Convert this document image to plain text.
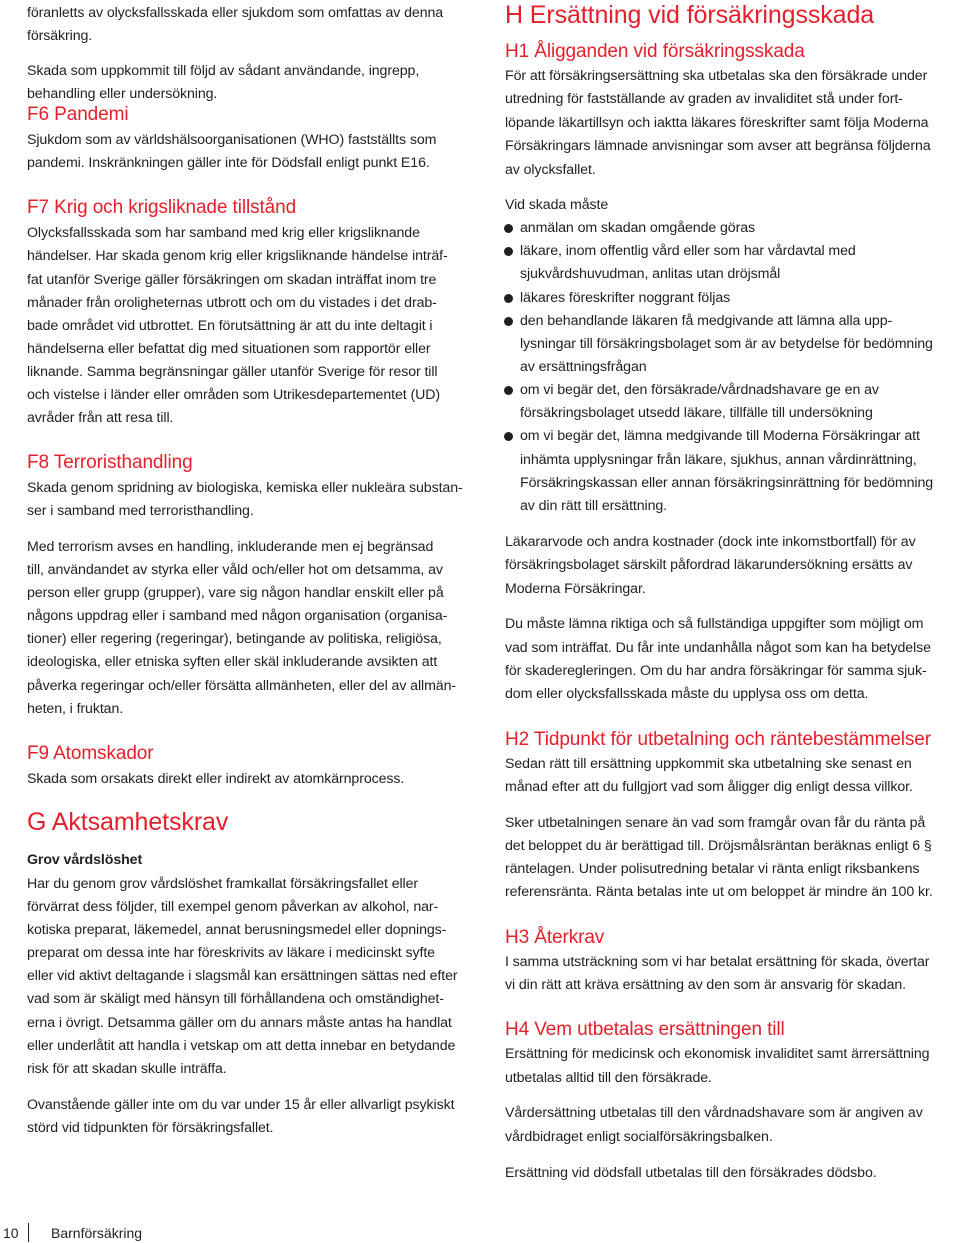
föranletts av olycksfallsskada eller sjukdom som omfattas av denna
försäkring.
Skada som uppkommit till följd av sådant användande, ingrepp,
behandling eller undersökning.
F6 Pandemi
Sjukdom som av världshälsoorganisationen (WHO) fastställts som
pandemi. Inskränkningen gäller inte för Dödsfall enligt punkt E16.
F7 Krig och krigsliknade tillstånd
Olycksfallsskada som har samband med krig eller krigsliknande
händelser. Har skada genom krig eller krigsliknande händelse inträf-
fat utanför Sverige gäller försäkringen om skadan inträffat inom tre
månader från oroligheternas utbrott och om du vistades i det drab-
bade området vid utbrottet. En förutsättning är att du inte deltagit i
händelserna eller befattat dig med situationen som rapportör eller
liknande. Samma begränsningar gäller utanför Sverige för resor till
och vistelse i länder eller områden som Utrikesdepartementet (UD)
avråder från att resa till.
F8 Terroristhandling
Skada genom spridning av biologiska, kemiska eller nukleära substan-
ser i samband med terroristhandling.
Med terrorism avses en handling, inkluderande men ej begränsad
till, användandet av styrka eller våld och/eller hot om detsamma, av
person eller grupp (grupper), vare sig någon handlar enskilt eller på
någons uppdrag eller i samband med någon organisation (organisa-
tioner) eller regering (regeringar), betingande av politiska, religiösa,
ideologiska, eller etniska syften eller skäl inkluderande avsikten att
påverka regeringar och/eller försätta allmänheten, eller del av allmän-
heten, i fruktan.
F9 Atomskador
Skada som orsakats direkt eller indirekt av atomkärnprocess.
G Aktsamhetskrav
Grov vårdslöshet
Har du genom grov vårdslöshet framkallat försäkringsfallet eller
förvärrat dess följder, till exempel genom påverkan av alkohol, nar-
kotiska preparat, läkemedel, annat berusningsmedel eller dopnings-
preparat om dessa inte har föreskrivits av läkare i medicinskt syfte
eller vid aktivt deltagande i slagsmål kan ersättningen sättas ned efter
vad som är skäligt med hänsyn till förhållandena och omständighet-
erna i övrigt. Detsamma gäller om du annars måste antas ha handlat
eller underlåtit att handla i vetskap om att detta innebar en betydande
risk för att skadan skulle inträffa.
Ovanstående gäller inte om du var under 15 år eller allvarligt psykiskt
störd vid tidpunkten för försäkringsfallet.
H Ersättning vid försäkringsskada
H1 Åligganden vid försäkringsskada
För att försäkringsersättning ska utbetalas ska den försäkrade under
utredning för fastställande av graden av invaliditet stå under fort-
löpande läkartillsyn och iaktta läkares föreskrifter samt följa Moderna
Försäkringars lämnade anvisningar som avser att begränsa följderna
av olycksfallet.
Vid skada måste
anmälan om skadan omgående göras
läkare, inom offentlig vård eller som har vårdavtal med
sjukvårdshuvudman, anlitas utan dröjsmål
läkares föreskrifter noggrant följas
den behandlande läkaren få medgivande att lämna alla upp-
lysningar till försäkringsbolaget som är av betydelse för bedömning
av ersättningsfrågan
om vi begär det, den försäkrade/vårdnadshavare ge en av
försäkringsbolaget utsedd läkare, tillfälle till undersökning
om vi begär det, lämna medgivande till Moderna Försäkringar att
inhämta upplysningar från läkare, sjukhus, annan vårdinrättning,
Försäkringskassan eller annan försäkringsinrättning för bedömning
av din rätt till ersättning.
Läkararvode och andra kostnader (dock inte inkomstbortfall) för av
försäkringsbolaget särskilt påfordrad läkarundersökning ersätts av
Moderna Försäkringar.
Du måste lämna riktiga och så fullständiga uppgifter som möjligt om
vad som inträffat. Du får inte undanhålla något som kan ha betydelse
för skaderegleringen. Om du har andra försäkringar för samma sjuk-
dom eller olycksfallsskada måste du upplysa oss om detta.
H2 Tidpunkt för utbetalning och räntebestämmelser
Sedan rätt till ersättning uppkommit ska utbetalning ske senast en
månad efter att du fullgjort vad som åligger dig enligt dessa villkor.
Sker utbetalningen senare än vad som framgår ovan får du ränta på
det beloppet du är berättigad till. Dröjsmålsräntan beräknas enligt 6 §
räntelagen. Under polisutredning betalar vi ränta enligt riksbankens
referensränta. Ränta betalas inte ut om beloppet är mindre än 100 kr.
H3 Återkrav
I samma utsträckning som vi har betalat ersättning för skada, övertar
vi din rätt att kräva ersättning av den som är ansvarig för skadan.
H4 Vem utbetalas ersättningen till
Ersättning för medicinsk och ekonomisk invaliditet samt ärrersättning
utbetalas alltid till den försäkrade.
Vårdersättning utbetalas till den vårdnadshavare som är angiven av
vårdbidraget enligt socialförsäkringsbalken.
Ersättning vid dödsfall utbetalas till den försäkrades dödsbo.
10 Barnförsäkring
